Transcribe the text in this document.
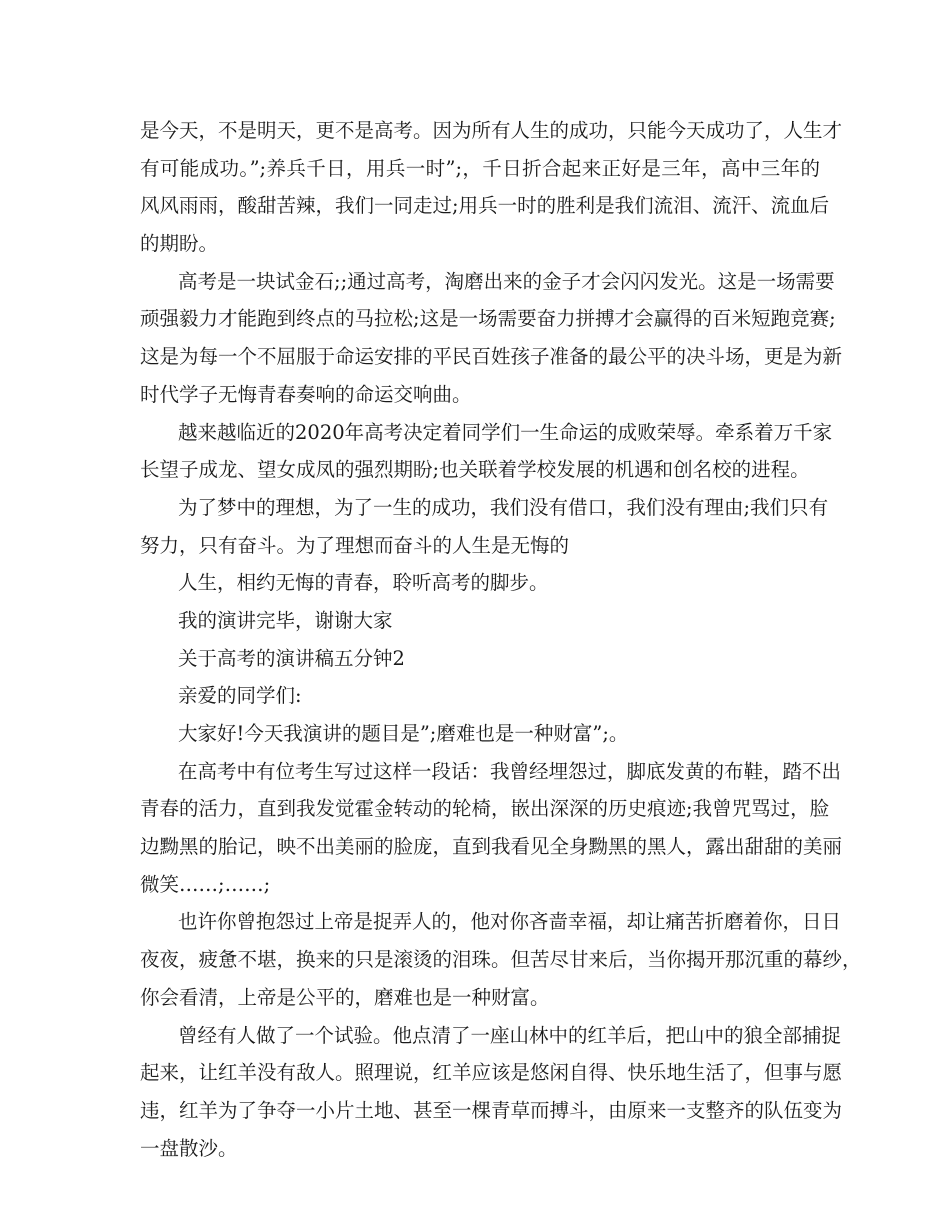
是今天，不是明天，更不是高考。因为所有人生的成功，只能今天成功了，人生才
有可能成功。”;养兵千日，用兵一时”;，千日折合起来正好是三年，高中三年的
风风雨雨，酸甜苦辣，我们一同走过;用兵一时的胜利是我们流泪、流汗、流血后
的期盼。
高考是一块试金石;;通过高考，淘磨出来的金子才会闪闪发光。这是一场需要
顽强毅力才能跑到终点的马拉松;这是一场需要奋力拼搏才会赢得的百米短跑竞赛;
这是为每一个不屈服于命运安排的平民百姓孩子准备的最公平的决斗场，更是为新
时代学子无悔青春奏响的命运交响曲。
越来越临近的2020年高考决定着同学们一生命运的成败荣辱。牵系着万千家
长望子成龙、望女成凤的强烈期盼;也关联着学校发展的机遇和创名校的进程。
为了梦中的理想，为了一生的成功，我们没有借口，我们没有理由;我们只有
努力，只有奋斗。为了理想而奋斗的人生是无悔的
人生，相约无悔的青春，聆听高考的脚步。
我的演讲完毕，谢谢大家
关于高考的演讲稿五分钟2
亲爱的同学们:
大家好!今天我演讲的题目是”;磨难也是一种财富”;。
在高考中有位考生写过这样一段话：我曾经埋怨过，脚底发黄的布鞋，踏不出
青春的活力，直到我发觉霍金转动的轮椅，嵌出深深的历史痕迹;我曾咒骂过，脸
边黝黑的胎记，映不出美丽的脸庞，直到我看见全身黝黑的黑人，露出甜甜的美丽
微笑……;……;
也许你曾抱怨过上帝是捉弄人的，他对你吝啬幸福，却让痛苦折磨着你，日日
夜夜，疲惫不堪，换来的只是滚烫的泪珠。但苦尽甘来后，当你揭开那沉重的幕纱，
你会看清，上帝是公平的，磨难也是一种财富。
曾经有人做了一个试验。他点清了一座山林中的红羊后，把山中的狼全部捕捉
起来，让红羊没有敌人。照理说，红羊应该是悠闲自得、快乐地生活了，但事与愿
违，红羊为了争夺一小片土地、甚至一棵青草而搏斗，由原来一支整齐的队伍变为
一盘散沙。
